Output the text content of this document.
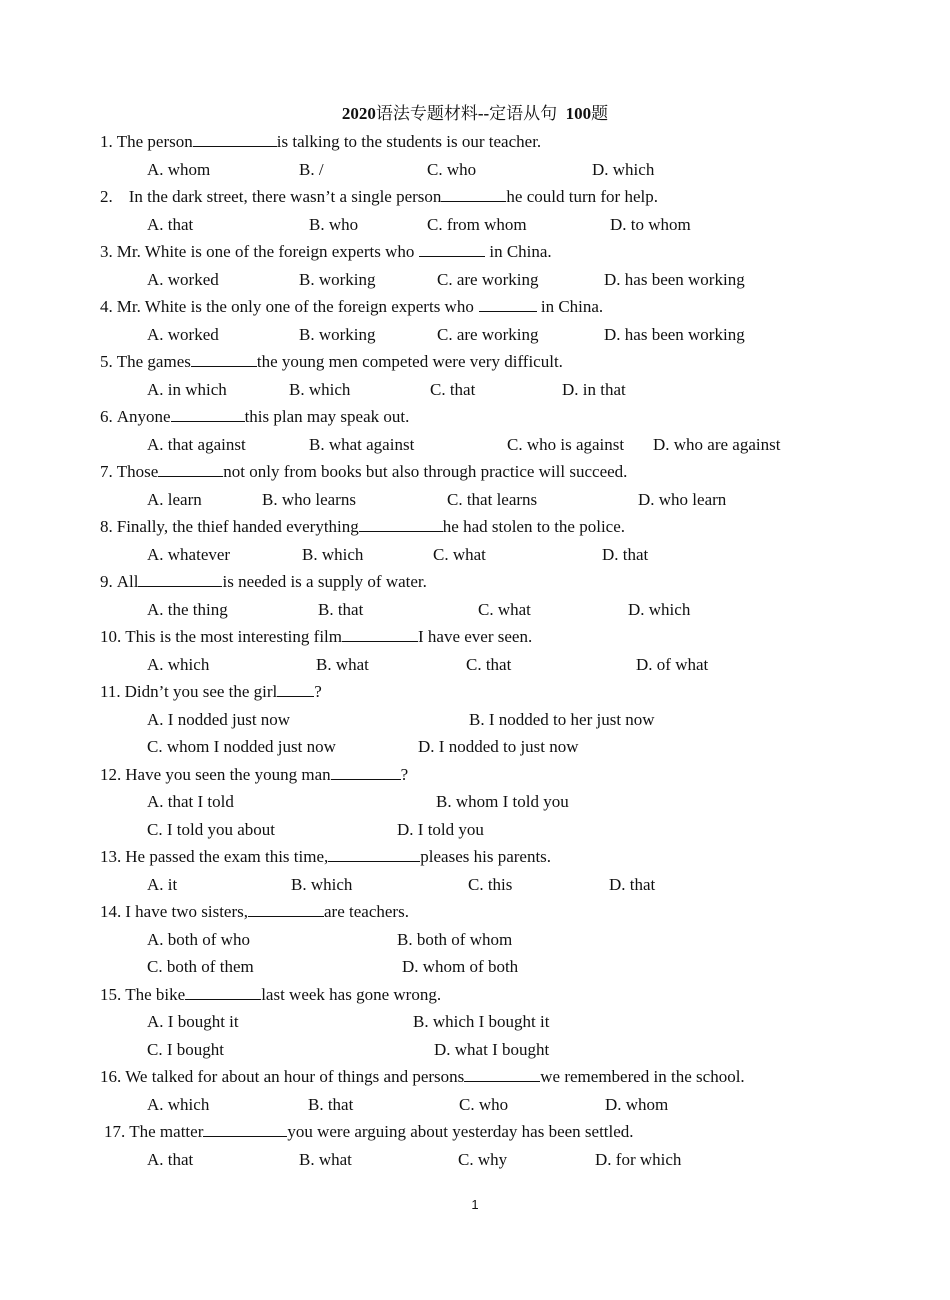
2020语法专题材料--定语从句 100题
1. The person	is talking to the students is our teacher.
A. whom	B. /	C. who	D. which
2. In the dark street, there wasn’t a single person	he could turn for help.
A. that	B. who	C. from whom	D. to whom
3. Mr. White is one of the foreign experts who	in China.
A. worked	B. working	C. are working	D. has been working
4. Mr. White is the only one of the foreign experts who	in China.
A. worked	B. working	C. are working	D. has been working
5. The games	the young men competed were very difficult.
A. in which	B. which	C. that	D. in that
6. Anyone	this plan may speak out.
A. that against	B. what against	C. who is against D. who are against
7. Those	not only from books but also through practice will succeed.
A. learn	B. who learns	C. that learns	D. who learn
8. Finally, the thief handed everything	he had stolen to the police.
A. whatever	B. which	C. what	D. that
9. All	is needed is a supply of water.
A. the thing	B. that	C. what	D. which
10. This is the most interesting film	I have ever seen.
A. which	B. what	C. that	D. of what
11. Didn’t you see the girl ?
A. I nodded just now	B. I nodded to her just now
C. whom I nodded just now	D. I nodded to just now
12. Have you seen the young man	?
A. that I told	B. whom I told you
C. I told you about	D. I told you
13. He passed the exam this time,	pleases his parents.
A. it	B. which	C. this	D. that
14. I have two sisters,	are teachers.
A. both of who	B. both of whom
C. both of them	D. whom of both
15. The bike	last week has gone wrong.
A. I bought it	B. which I bought it
C. I bought	D. what I bought
16. We talked for about an hour of things and persons	we remembered in the school.
A. which	B. that	C. who	D. whom
17. The matter	you were arguing about yesterday has been settled.
A. that	B. what	C. why	D. for which
1
